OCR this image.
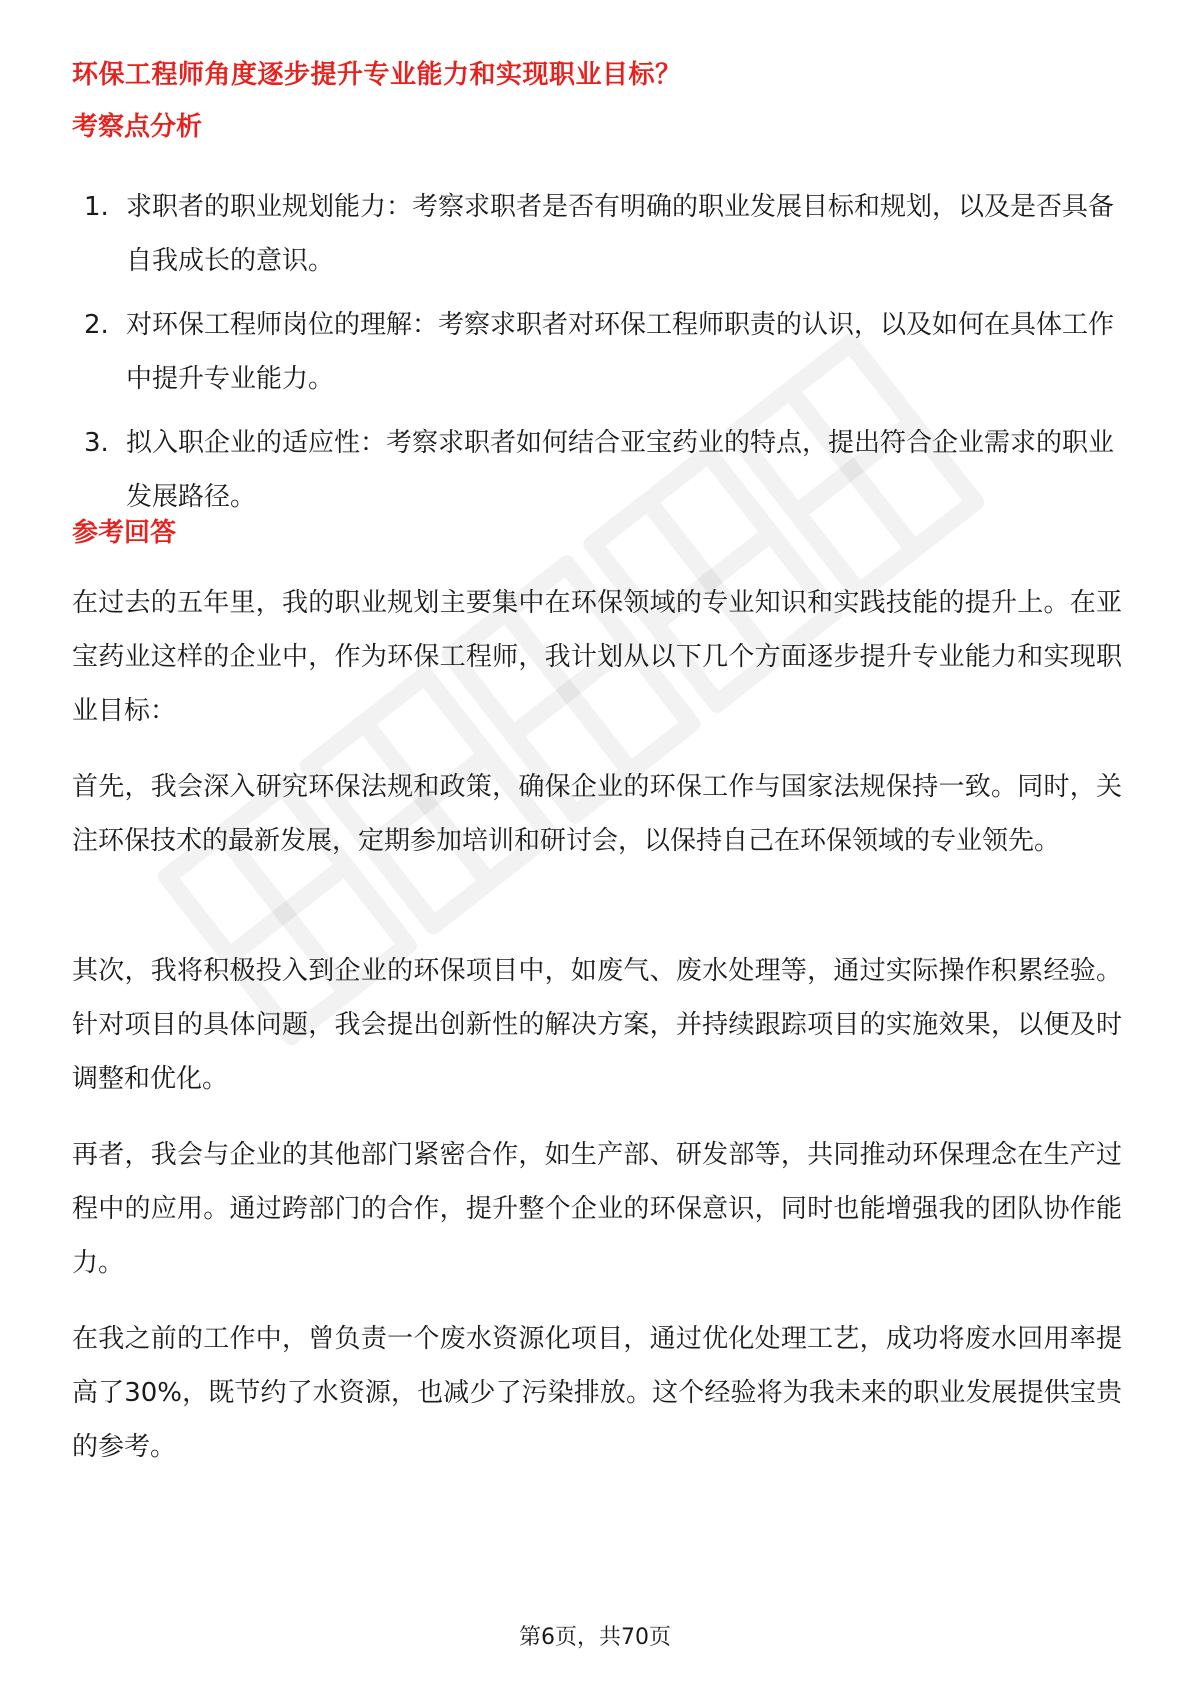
环保工程师角度逐步提升专业能力和实现职业目标？
考察点分析
1. 求职者的职业规划能力：考察求职者是否有明确的职业发展目标和规划，以及是否具备自我成长的意识。
2. 对环保工程师岗位的理解：考察求职者对环保工程师职责的认识，以及如何在具体工作中提升专业能力。
3. 拟入职企业的适应性：考察求职者如何结合亚宝药业的特点，提出符合企业需求的职业发展路径。
参考回答

在过去的五年里，我的职业规划主要集中在环保领域的专业知识和实践技能的提升上。在亚宝药业这样的企业中，作为环保工程师，我计划从以下几个方面逐步提升专业能力和实现职业目标：

首先，我会深入研究环保法规和政策，确保企业的环保工作与国家法规保持一致。同时，关注环保技术的最新发展，定期参加培训和研讨会，以保持自己在环保领域的专业领先。

其次，我将积极投入到企业的环保项目中，如废气、废水处理等，通过实际操作积累经验。针对项目的具体问题，我会提出创新性的解决方案，并持续跟踪项目的实施效果，以便及时调整和优化。

再者，我会与企业的其他部门紧密合作，如生产部、研发部等，共同推动环保理念在生产过程中的应用。通过跨部门的合作，提升整个企业的环保意识，同时也能增强我的团队协作能力。

在我之前的工作中，曾负责一个废水资源化项目，通过优化处理工艺，成功将废水回用率提高了30%，既节约了水资源，也减少了污染排放。这个经验将为我未来的职业发展提供宝贵的参考。

第6页，共70页
